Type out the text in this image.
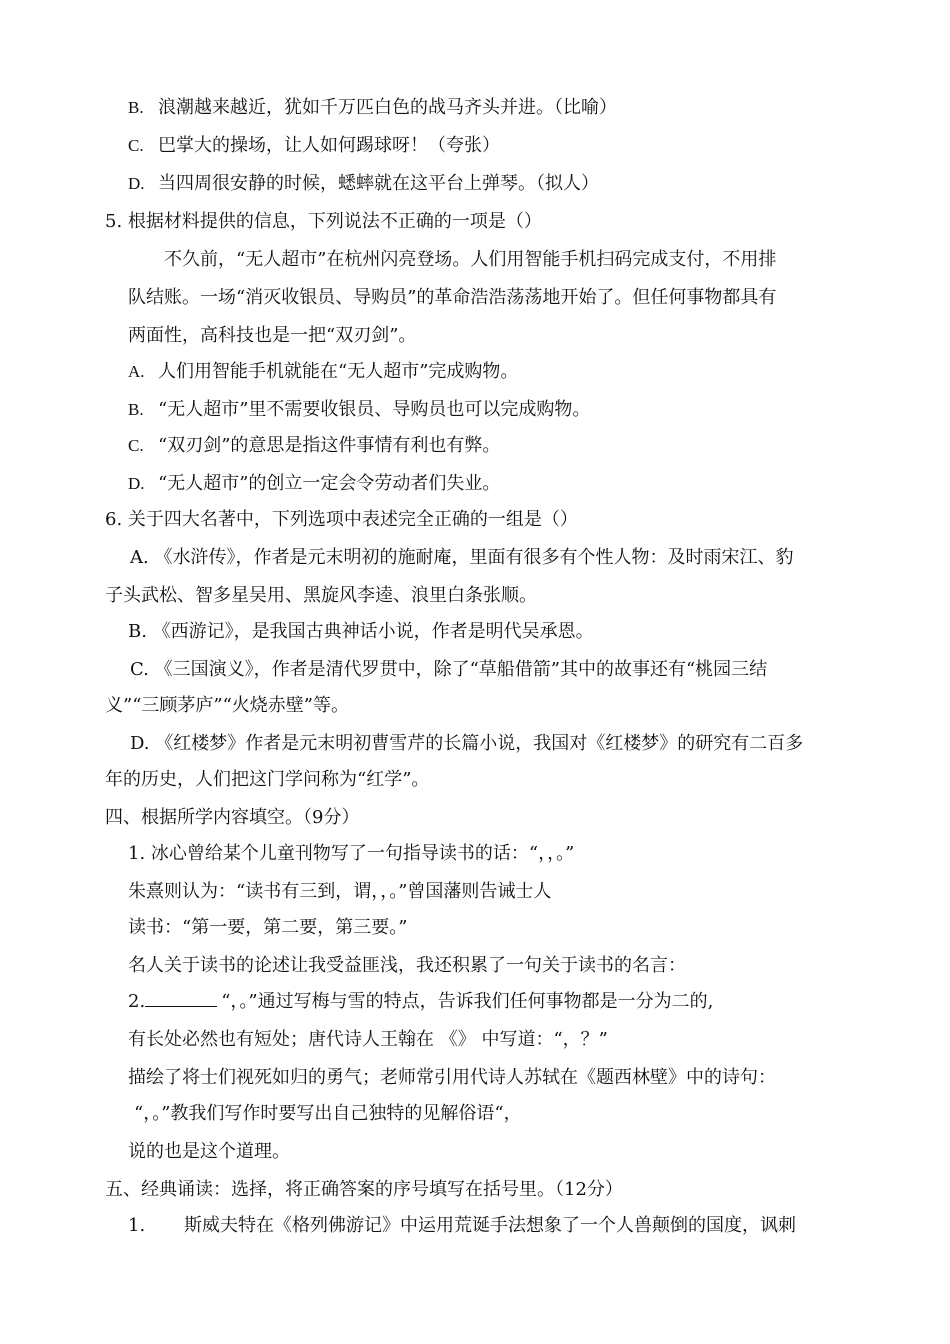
B. 浪潮越来越近，犹如千万匹白色的战马齐头并进。（比喻）
C. 巴掌大的操场，让人如何踢球呀！（夸张）
D. 当四周很安静的时候，蟋蟀就在这平台上弹琴。（拟人）
5. 根据材料提供的信息，下列说法不正确的一项是（）
不久前，“无人超市”在杭州闪亮登场。人们用智能手机扫码完成支付，不用排
队结账。一场“消灭收银员、导购员”的革命浩浩荡荡地开始了。但任何事物都具有
两面性，高科技也是一把“双刃剑”。
A. 人们用智能手机就能在“无人超市”完成购物。
B. “无人超市”里不需要收银员、导购员也可以完成购物。
C. “双刃剑”的意思是指这件事情有利也有弊。
D. “无人超市”的创立一定会令劳动者们失业。
6. 关于四大名著中，下列选项中表述完全正确的一组是（）
A. 《水浒传》，作者是元末明初的施耐庵，里面有很多有个性人物：及时雨宋江、豹
子头武松、智多星吴用、黑旋风李逵、浪里白条张顺。
B. 《西游记》，是我国古典神话小说，作者是明代吴承恩。
C. 《三国演义》，作者是清代罗贯中，除了“草船借箭”其中的故事还有“桃园三结
义”“三顾茅庐”“火烧赤壁”等。
D. 《红楼梦》作者是元末明初曹雪芹的长篇小说，我国对《红楼梦》的研究有二百多
年的历史，人们把这门学问称为“红学”。
四、根据所学内容填空。（9分）
1. 冰心曾给某个儿童刊物写了一句指导读书的话：“，，。”
朱熹则认为：“读书有三到，谓，，。”曾国藩则告诫士人
读书：“第一要，第二要，第三要。”
名人关于读书的论述让我受益匪浅，我还积累了一句关于读书的名言：
2.	“，。”通过写梅与雪的特点，告诉我们任何事物都是一分为二的,
有长处必然也有短处；唐代诗人王翰在 《》 中写道：“，？”
描绘了将士们视死如归的勇气；老师常引用代诗人苏轼在《题西林壁》中的诗句：
“，。”教我们写作时要写出自己独特的见解俗语“，
说的也是这个道理。
五、经典诵读：选择，将正确答案的序号填写在括号里。（12分）
1. 斯威夫特在《格列佛游记》中运用荒诞手法想象了一个人兽颠倒的国度，讽刺
